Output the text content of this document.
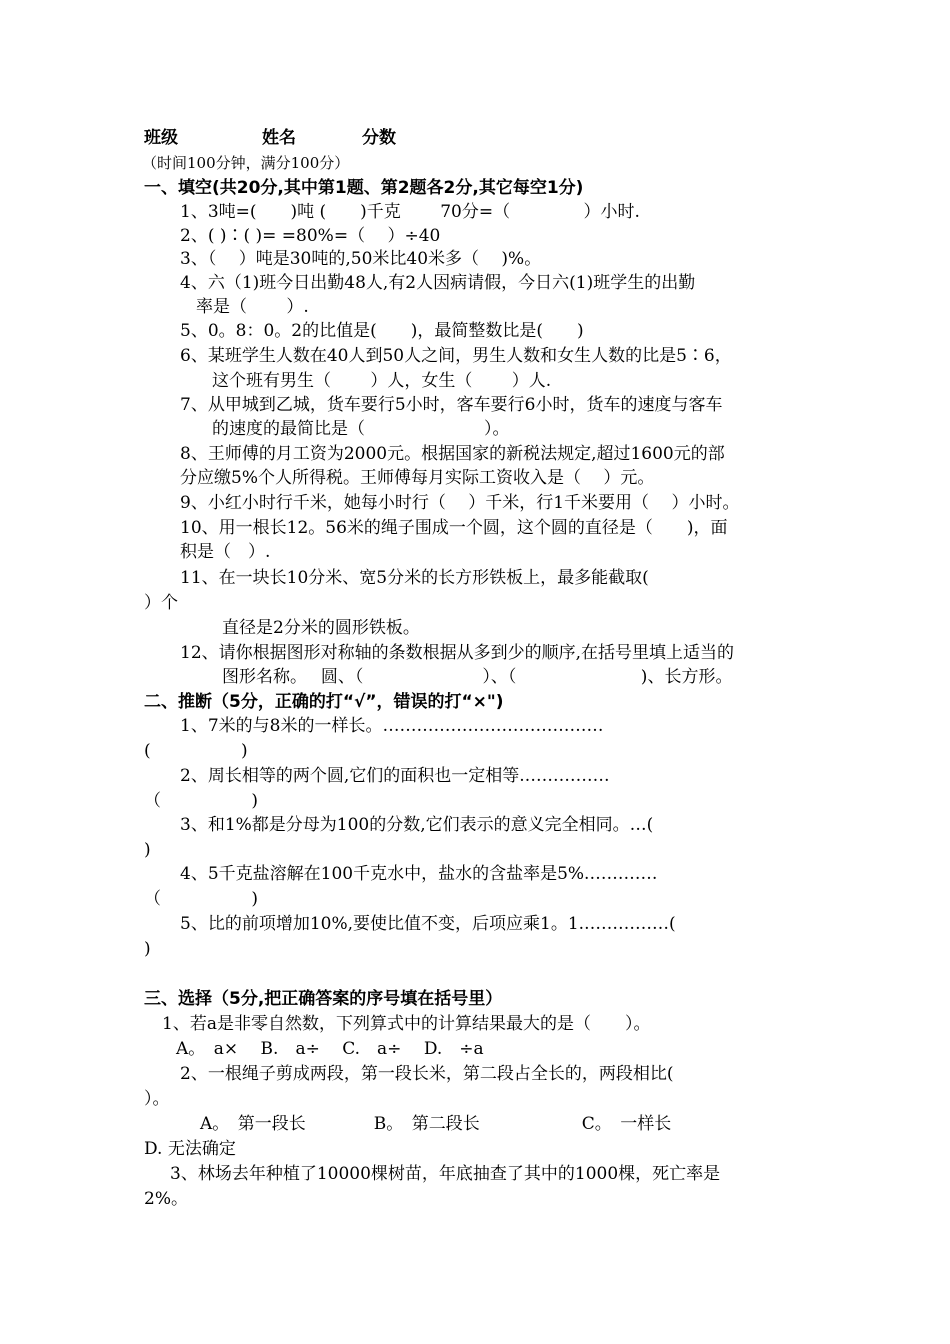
班级	姓名	分数
（时间100分钟，满分100分）
一、填空(共20分,其中第1题、第2题各2分,其它每空1分)
1、3吨=(　　)吨 (　　)千克　　 70分=（　　　　 ）小时.
2、( )∶( )= =80%=（　 ）÷40
3、（　 ）吨是30吨的,50米比40米多（　 )%。
4、六（1)班今日出勤48人,有2人因病请假，今日六(1)班学生的出勤
率是（　　 ）.
5、0。8：0。2的比值是(　　)，最简整数比是(　　)
6、某班学生人数在40人到50人之间，男生人数和女生人数的比是5∶6，
这个班有男生（　　 ）人，女生（　　 ）人.
7、从甲城到乙城，货车要行5小时，客车要行6小时，货车的速度与客车
的速度的最简比是（　　　　　　　）。
8、王师傅的月工资为2000元。根据国家的新税法规定,超过1600元的部
分应缴5%个人所得税。王师傅每月实际工资收入是（　 ）元。
9、小红小时行千米，她每小时行（　 ）千米，行1千米要用（　 ）小时。
10、用一根长12。56米的绳子围成一个圆，这个圆的直径是（　　)，面
积是（　）.
11、在一块长10分米、宽5分米的长方形铁板上，最多能截取(
）个
直径是2分米的圆形铁板。
12、请你根据图形对称轴的条数根据从多到少的顺序,在括号里填上适当的
图形名称。　 圆、（　　　　　　　）、（　　　　　　　 )、长方形。
二、推断（5分，正确的打“√”，错误的打“×")
1、7米的与8米的一样长。…………………………………
(　　　　　 )
2、周长相等的两个圆,它们的面积也一定相等.……………
（　　　　　 )
3、和1%都是分母为100的分数,它们表示的意义完全相同。…(
)
4、5千克盐溶解在100千克水中，盐水的含盐率是5%.…………
（　　　　　 )
5、比的前项增加10%,要使比值不变，后项应乘1。1.……………(
)
三、选择（5分,把正确答案的序号填在括号里）
1、若a是非零自然数，下列算式中的计算结果最大的是（　　）。
A。　a×　 B.　a÷　 C.　a÷　 D.　÷a
2、一根绳子剪成两段，第一段长米，第二段占全长的，两段相比(
）。
A。　第一段长　　　　B。　第二段长　　　　　　C。　一样长
D. 无法确定
3、林场去年种植了10000棵树苗，年底抽查了其中的1000棵，死亡率是
2%。
